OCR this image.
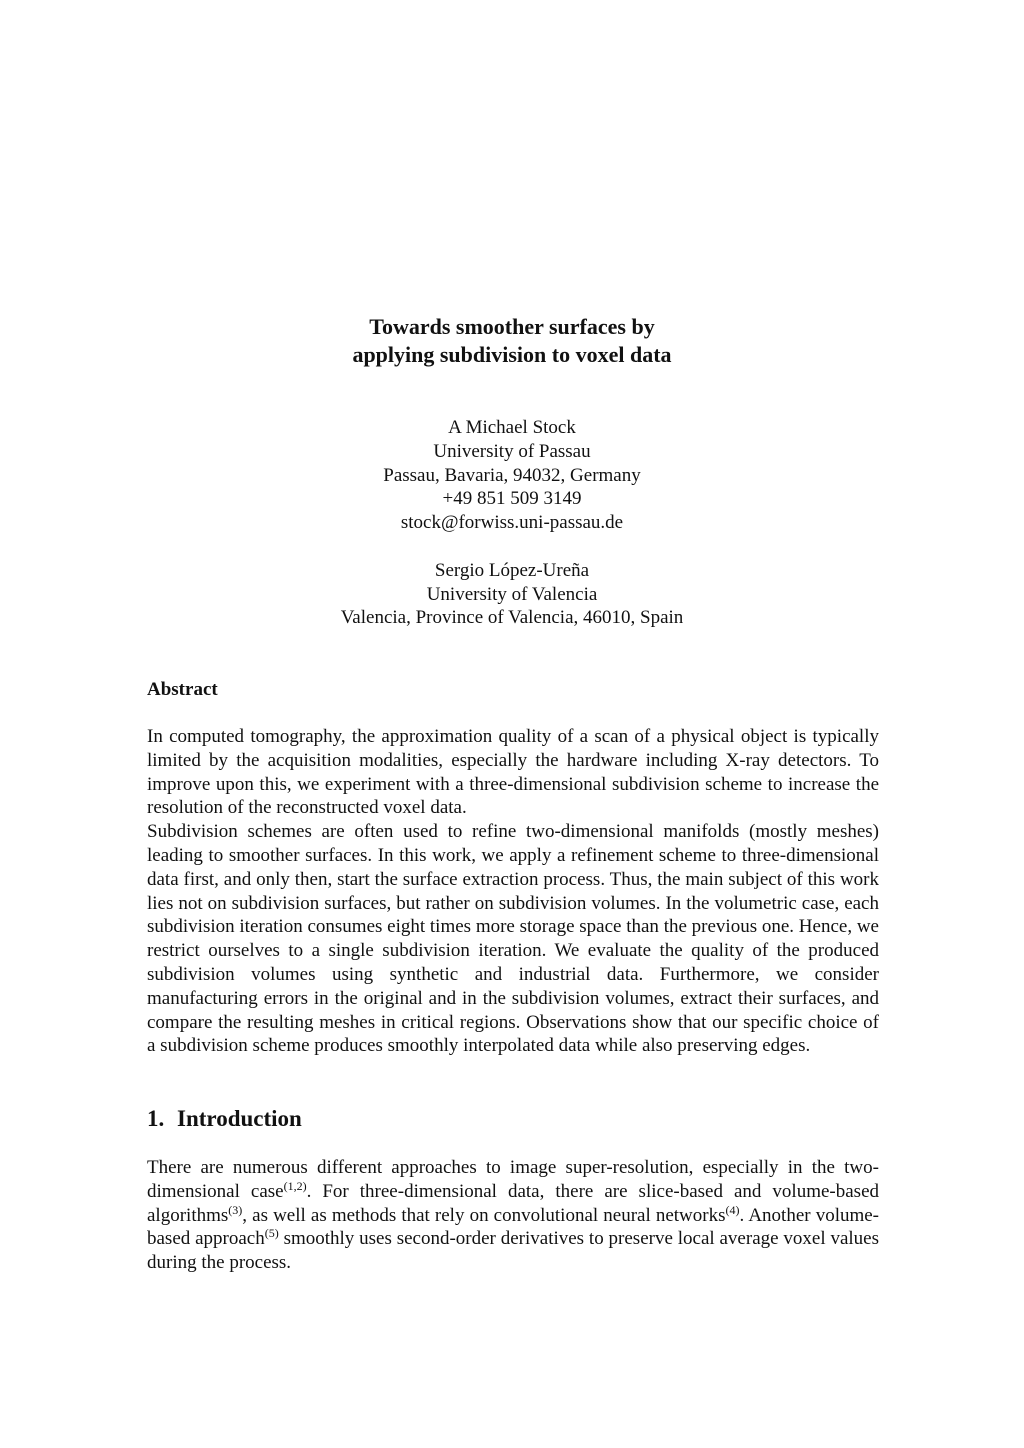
Towards smoother surfaces by
applying subdivision to voxel data
A Michael Stock
University of Passau
Passau, Bavaria, 94032, Germany
+49 851 509 3149
stock@forwiss.uni-passau.de
Sergio López-Ureña
University of Valencia
Valencia, Province of Valencia, 46010, Spain
Abstract

In computed tomography, the approximation quality of a scan of a physical object is typically limited by the acquisition modalities, especially the hardware including X-ray detectors. To improve upon this, we experiment with a three-dimensional subdivision scheme to increase the resolution of the reconstructed voxel data.

Subdivision schemes are often used to refine two-dimensional manifolds (mostly meshes) leading to smoother surfaces. In this work, we apply a refinement scheme to three-dimensional data first, and only then, start the surface extraction process. Thus, the main subject of this work lies not on subdivision surfaces, but rather on subdivision volumes. In the volumetric case, each subdivision iteration consumes eight times more storage space than the previous one. Hence, we restrict ourselves to a single subdivision iteration. We evaluate the quality of the produced subdivision volumes using synthetic and industrial data. Furthermore, we consider manufacturing errors in the original and in the subdivision volumes, extract their surfaces, and compare the resulting meshes in critical regions. Observations show that our specific choice of a subdivision scheme produces smoothly interpolated data while also preserving edges.

1. Introduction

There are numerous different approaches to image super-resolution, especially in the two-dimensional case$^{(1,2)}$. For three-dimensional data, there are slice-based and volume-based algorithms$^{(3)}$, as well as methods that rely on convolutional neural networks$^{(4)}$. Another volume-based approach$^{(5)}$ smoothly uses second-order derivatives to preserve local average voxel values during the process.
